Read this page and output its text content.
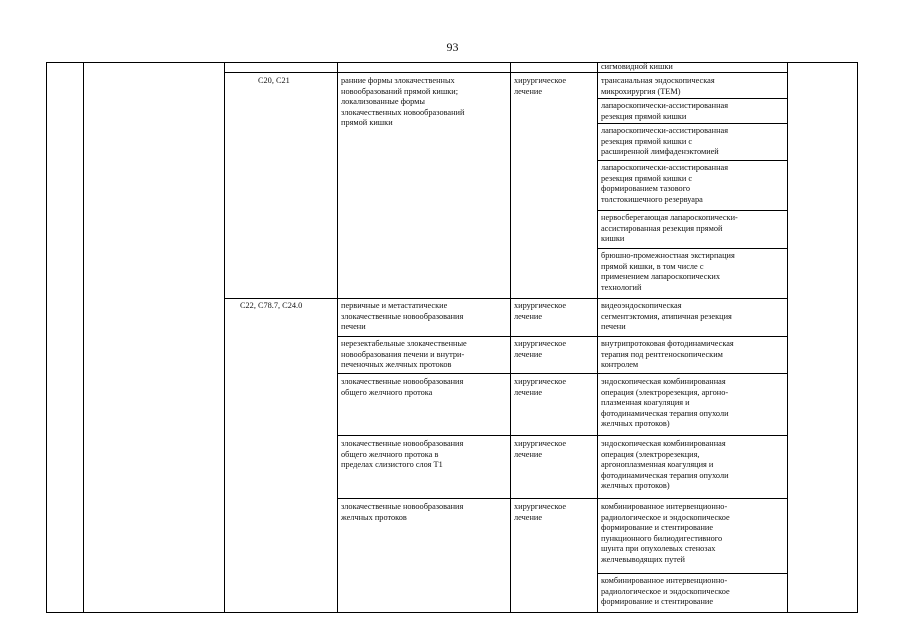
93
C20, C21
C22, C78.7, C24.0
ранние формы злокачественных
новообразований прямой кишки;
локализованные формы
злокачественных новообразований
прямой кишки
первичные и метастатические
злокачественные новообразования
печени
нерезектабельные злокачественные
новообразования печени и внутри-
печеночных желчных протоков
злокачественные новообразования
общего желчного протока
злокачественные новообразования
общего желчного протока в
пределах слизистого слоя T1
злокачественные новообразования
желчных протоков
хирургическое
лечение
хирургическое
лечение
хирургическое
лечение
хирургическое
лечение
хирургическое
лечение
хирургическое
лечение
сигмовидной кишки
трансанальная эндоскопическая
микрохирургия (TEM)
лапароскопически-ассистированная
резекция прямой кишки
лапароскопически-ассистированная
резекция прямой кишки с
расширенной лимфаденэктомией
лапароскопически-ассистированная
резекция прямой кишки с
формированием тазового
толстокишечного резервуара
нервосберегающая лапароскопически-
ассистированная резекция прямой
кишки
брюшно-промежностная экстирпация
прямой кишки, в том числе с
применением лапароскопических
технологий
видеоэндоскопическая
сегментэктомия, атипичная резекция
печени
внутрипротоковая фотодинамическая
терапия под рентгеноскопическим
контролем
эндоскопическая комбинированная
операция (электрорезекция, аргоно-
плазменная коагуляция и
фотодинамическая терапия опухоли
желчных протоков)
эндоскопическая комбинированная
операция (электрорезекция,
аргоноплазменная коагуляция и
фотодинамическая терапия опухоли
желчных протоков)
комбинированное интервенционно-
радиологическое и эндоскопическое
формирование и стентирование
пункционного билиодигестивного
шунта при опухолевых стенозах
желчевыводящих путей
комбинированное интервенционно-
радиологическое и эндоскопическое
формирование и стентирование
